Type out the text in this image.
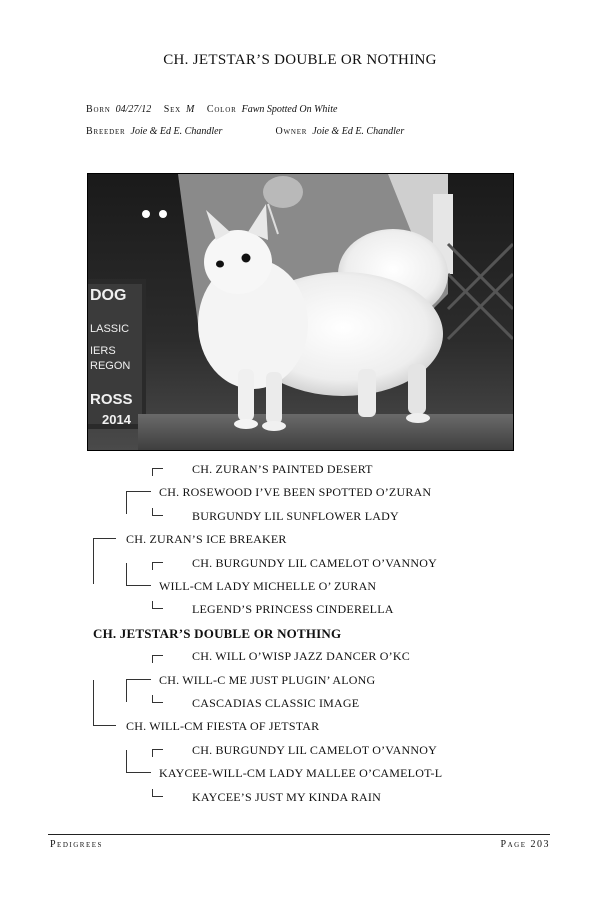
CH. JETSTAR’S DOUBLE OR NOTHING
Born 04/27/12 Sex M Color Fawn Spotted On White
Breeder Joie & Ed E. Chandler	Owner Joie & Ed E. Chandler
DOG
LASSIC
IERS
REGON
ROSS
2014
CH. ZURAN’S PAINTED DESERT
CH. ROSEWOOD I’VE BEEN SPOTTED O’ZURAN
BURGUNDY LIL SUNFLOWER LADY
CH. ZURAN’S ICE BREAKER
CH. BURGUNDY LIL CAMELOT O’VANNOY
WILL-CM LADY MICHELLE O’ ZURAN
LEGEND’S PRINCESS CINDERELLA
CH. JETSTAR’S DOUBLE OR NOTHING
CH. WILL O’WISP JAZZ DANCER O’KC
CH. WILL-C ME JUST PLUGIN’ ALONG
CASCADIAS CLASSIC IMAGE
CH. WILL-CM FIESTA OF JETSTAR
CH. BURGUNDY LIL CAMELOT O’VANNOY
KAYCEE-WILL-CM LADY MALLEE O’CAMELOT-L
KAYCEE’S JUST MY KINDA RAIN
Pedigrees	Page 203
